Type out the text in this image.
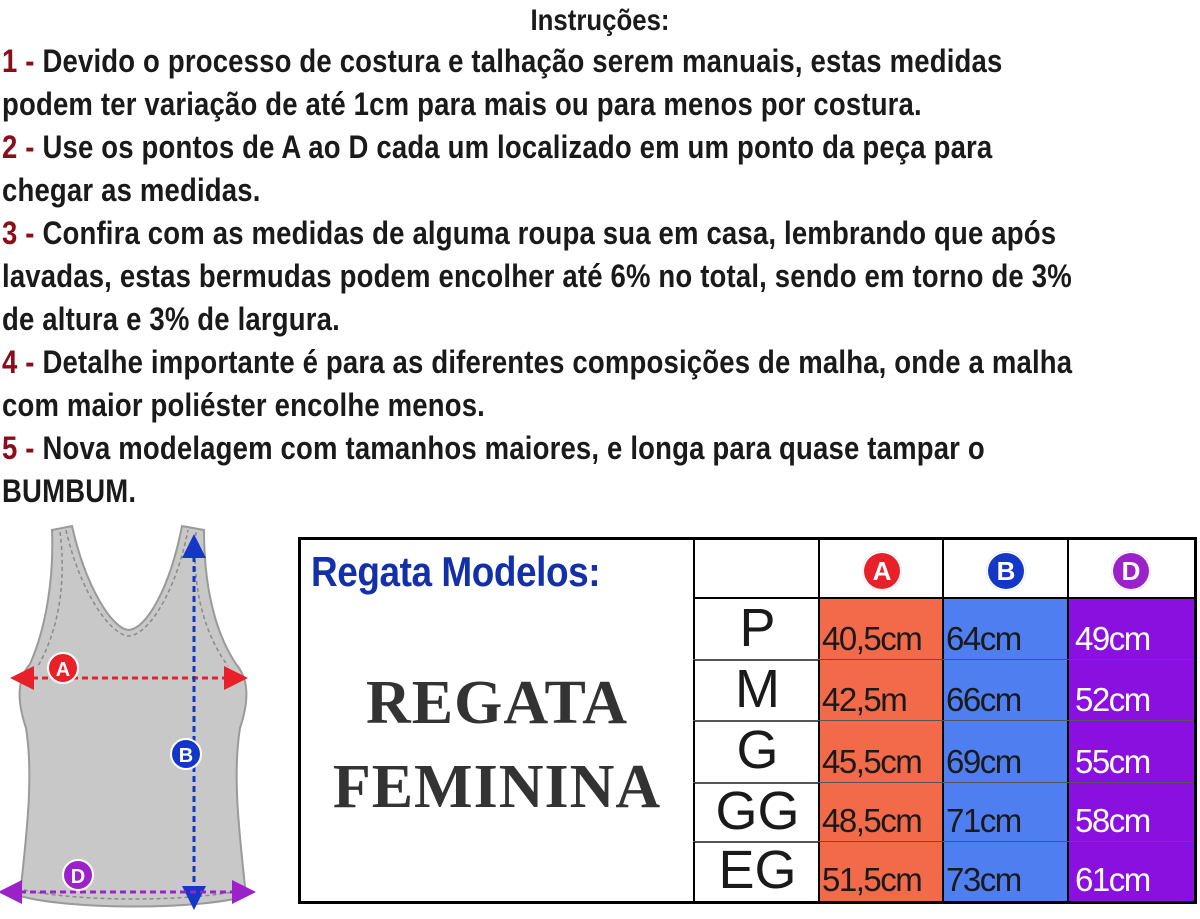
Instruções:
1 - Devido o processo de costura e talhação serem manuais, estas medidas
podem ter variação de até 1cm para mais ou para menos por costura.
2 - Use os pontos de A ao D cada um localizado em um ponto da peça para
chegar as medidas.
3 - Confira com as medidas de alguma roupa sua em casa, lembrando que após
lavadas, estas bermudas podem encolher até 6% no total, sendo em torno de 3%
de altura e 3% de largura.
4 - Detalhe importante é para as diferentes composições de malha, onde a malha
com maior poliéster encolhe menos.
5 - Nova modelagem com tamanhos maiores, e longa para quase tampar o
BUMBUM.
A
B
D
Regata Modelos:
REGATA
FEMININA
A	B	D
P	40,5cm 64cm 49cm
M	42,5m 66cm 52cm
G	45,5cm 69cm 55cm
GG 48,5cm 71cm 58cm
EG 51,5cm 73cm 61cm
